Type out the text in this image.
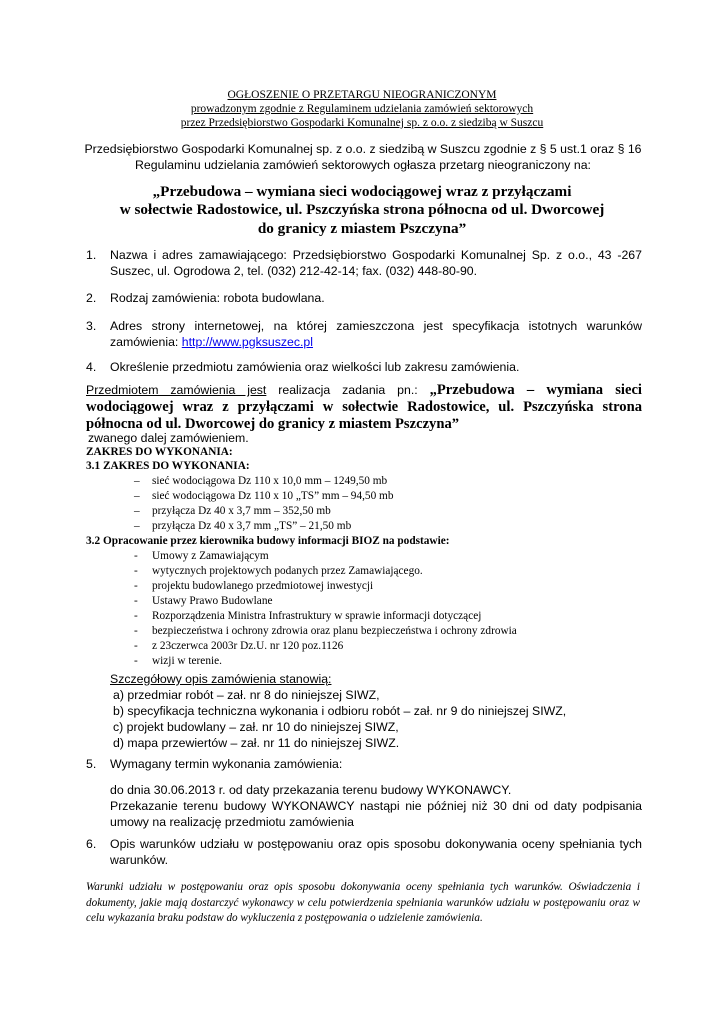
OGŁOSZENIE O PRZETARGU NIEOGRANICZONYM
prowadzonym zgodnie z Regulaminem udzielania zamówień sektorowych
przez Przedsiębiorstwo Gospodarki Komunalnej sp. z o.o. z siedzibą w Suszcu
Przedsiębiorstwo Gospodarki Komunalnej sp. z o.o. z siedzibą w Suszcu zgodnie z § 5 ust.1 oraz § 16 Regulaminu udzielania zamówień sektorowych ogłasza przetarg nieograniczony na:
„Przebudowa – wymiana sieci wodociągowej wraz z przyłączami
w sołectwie Radostowice, ul. Pszczyńska strona północna od ul. Dworcowej
do granicy z miastem Pszczyna”
1. Nazwa i adres zamawiającego: Przedsiębiorstwo Gospodarki Komunalnej Sp. z o.o., 43 -267 Suszec, ul. Ogrodowa 2, tel. (032) 212-42-14; fax. (032) 448-80-90.
2. Rodzaj zamówienia: robota budowlana.
3. Adres strony internetowej, na której zamieszczona jest specyfikacja istotnych warunków zamówienia: http://www.pgksuszec.pl
4. Określenie przedmiotu zamówienia oraz wielkości lub zakresu zamówienia.
Przedmiotem zamówienia jest realizacja zadania pn.: „Przebudowa – wymiana sieci wodociągowej wraz z przyłączami w sołectwie Radostowice, ul. Pszczyńska strona północna od ul. Dworcowej do granicy z miastem Pszczyna”
zwanego dalej zamówieniem.
ZAKRES DO WYKONANIA:
3.1 ZAKRES DO WYKONANIA:
– sieć wodociągowa Dz 110 x 10,0 mm – 1249,50 mb
– sieć wodociągowa Dz 110 x 10 „TS” mm – 94,50 mb
– przyłącza Dz 40 x 3,7 mm – 352,50 mb
– przyłącza Dz 40 x 3,7 mm „TS” – 21,50 mb
3.2 Opracowanie przez kierownika budowy informacji BIOZ na podstawie:
- Umowy z Zamawiającym
- wytycznych projektowych podanych przez Zamawiającego.
- projektu budowlanego przedmiotowej inwestycji
- Ustawy Prawo Budowlane
- Rozporządzenia Ministra Infrastruktury w sprawie informacji dotyczącej
- bezpieczeństwa i ochrony zdrowia oraz planu bezpieczeństwa i ochrony zdrowia
- z 23czerwca 2003r Dz.U. nr 120 poz.1126
- wizji w terenie.
Szczegółowy opis zamówienia stanowią:
a) przedmiar robót – zał. nr 8 do niniejszej SIWZ,
b) specyfikacja techniczna wykonania i odbioru robót – zał. nr 9 do niniejszej SIWZ,
c) projekt budowlany – zał. nr 10 do niniejszej SIWZ,
d) mapa przewiertów – zał. nr 11 do niniejszej SIWZ.
5. Wymagany termin wykonania zamówienia:
do dnia 30.06.2013 r. od daty przekazania terenu budowy WYKONAWCY.
Przekazanie terenu budowy WYKONAWCY nastąpi nie później niż 30 dni od daty podpisania umowy na realizację przedmiotu zamówienia
6. Opis warunków udziału w postępowaniu oraz opis sposobu dokonywania oceny spełniania tych warunków.
Warunki udziału w postępowaniu oraz opis sposobu dokonywania oceny spełniania tych warunków. Oświadczenia i dokumenty, jakie mają dostarczyć wykonawcy w celu potwierdzenia spełniania warunków udziału w postępowaniu oraz w celu wykazania braku podstaw do wykluczenia z postępowania o udzielenie zamówienia.
